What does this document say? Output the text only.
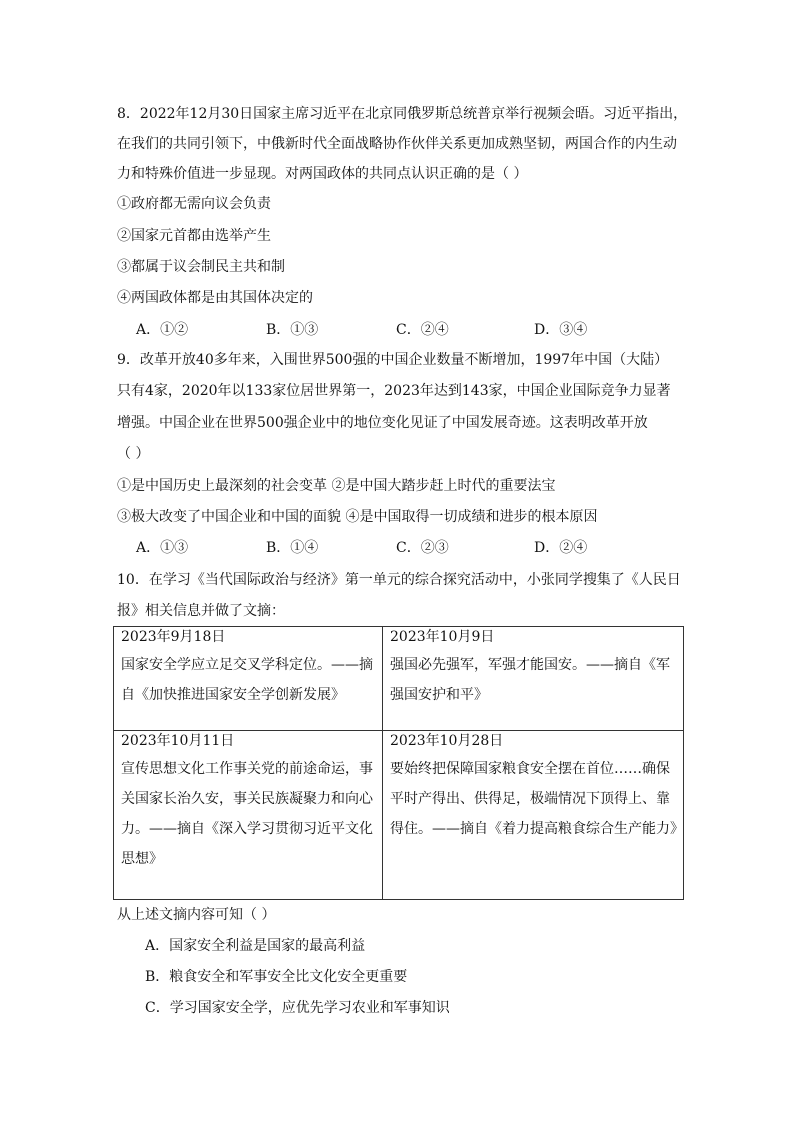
8．2022年12月30日国家主席习近平在北京同俄罗斯总统普京举行视频会晤。习近平指出，
在我们的共同引领下，中俄新时代全面战略协作伙伴关系更加成熟坚韧，两国合作的内生动
力和特殊价值进一步显现。对两国政体的共同点认识正确的是（ ）
①政府都无需向议会负责
②国家元首都由选举产生
③都属于议会制民主共和制
④两国政体都是由其国体决定的
A．①②	B．①③	C．②④	D．③④
9．改革开放40多年来，入围世界500强的中国企业数量不断增加，1997年中国（大陆）
只有4家，2020年以133家位居世界第一，2023年达到143家，中国企业国际竞争力显著
增强。中国企业在世界500强企业中的地位变化见证了中国发展奇迹。这表明改革开放
（ ）
①是中国历史上最深刻的社会变革 ②是中国大踏步赶上时代的重要法宝
③极大改变了中国企业和中国的面貌 ④是中国取得一切成绩和进步的根本原因
A．①③	B．①④	C．②③	D．②④
10．在学习《当代国际政治与经济》第一单元的综合探究活动中，小张同学搜集了《人民日
报》相关信息并做了文摘：
2023年9月18日
国家安全学应立足交叉学科定位。——摘
自《加快推进国家安全学创新发展》	2023年10月9日
强国必先强军，军强才能国安。——摘自《军
强国安护和平》

2023年10月11日
宣传思想文化工作事关党的前途命运，事
关国家长治久安，事关民族凝聚力和向心
力。——摘自《深入学习贯彻习近平文化
思想》	2023年10月28日
要始终把保障国家粮食安全摆在首位……确保
平时产得出、供得足，极端情况下顶得上、靠
得住。——摘自《着力提高粮食综合生产能力》
从上述文摘内容可知（ ）
A．国家安全利益是国家的最高利益
B．粮食安全和军事安全比文化安全更重要
C．学习国家安全学，应优先学习农业和军事知识
